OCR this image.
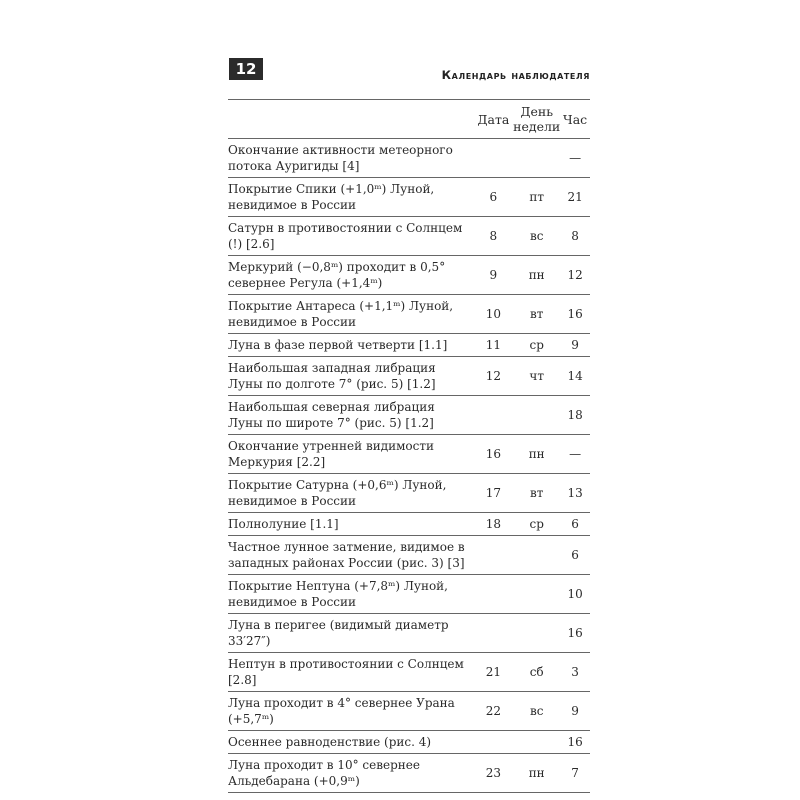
12	Календарь наблюдателя
	Дата	День недели	Час
Окончание активности метеорного потока Ауригиды [4]			—
Покрытие Спики (+1,0ᵐ) Луной, невидимое в России	6	пт	21
Сатурн в противостоянии с Солнцем (!) [2.6]	8	вс	8
Меркурий (−0,8ᵐ) проходит в 0,5° севернее Регула (+1,4ᵐ)	9	пн	12
Покрытие Антареса (+1,1ᵐ) Луной, невидимое в России	10	вт	16
Луна в фазе первой четверти [1.1]	11	ср	9
Наибольшая западная либрация Луны по долготе 7° (рис. 5) [1.2]	12	чт	14
Наибольшая северная либрация Луны по широте 7° (рис. 5) [1.2]			18
Окончание утренней видимости Меркурия [2.2]	16	пн	—
Покрытие Сатурна (+0,6ᵐ) Луной, невидимое в России	17	вт	13
Полнолуние [1.1]	18	ср	6
Частное лунное затмение, видимое в западных районах России (рис. 3) [3]			6
Покрытие Нептуна (+7,8ᵐ) Луной, невидимое в России			10
Луна в перигее (видимый диаметр 33′27″)			16
Нептун в противостоянии с Солнцем [2.8]	21	сб	3
Луна проходит в 4° севернее Урана (+5,7ᵐ)	22	вс	9
Осеннее равноденствие (рис. 4)			16
Луна проходит в 10° севернее Альдебарана (+0,9ᵐ)	23	пн	7
